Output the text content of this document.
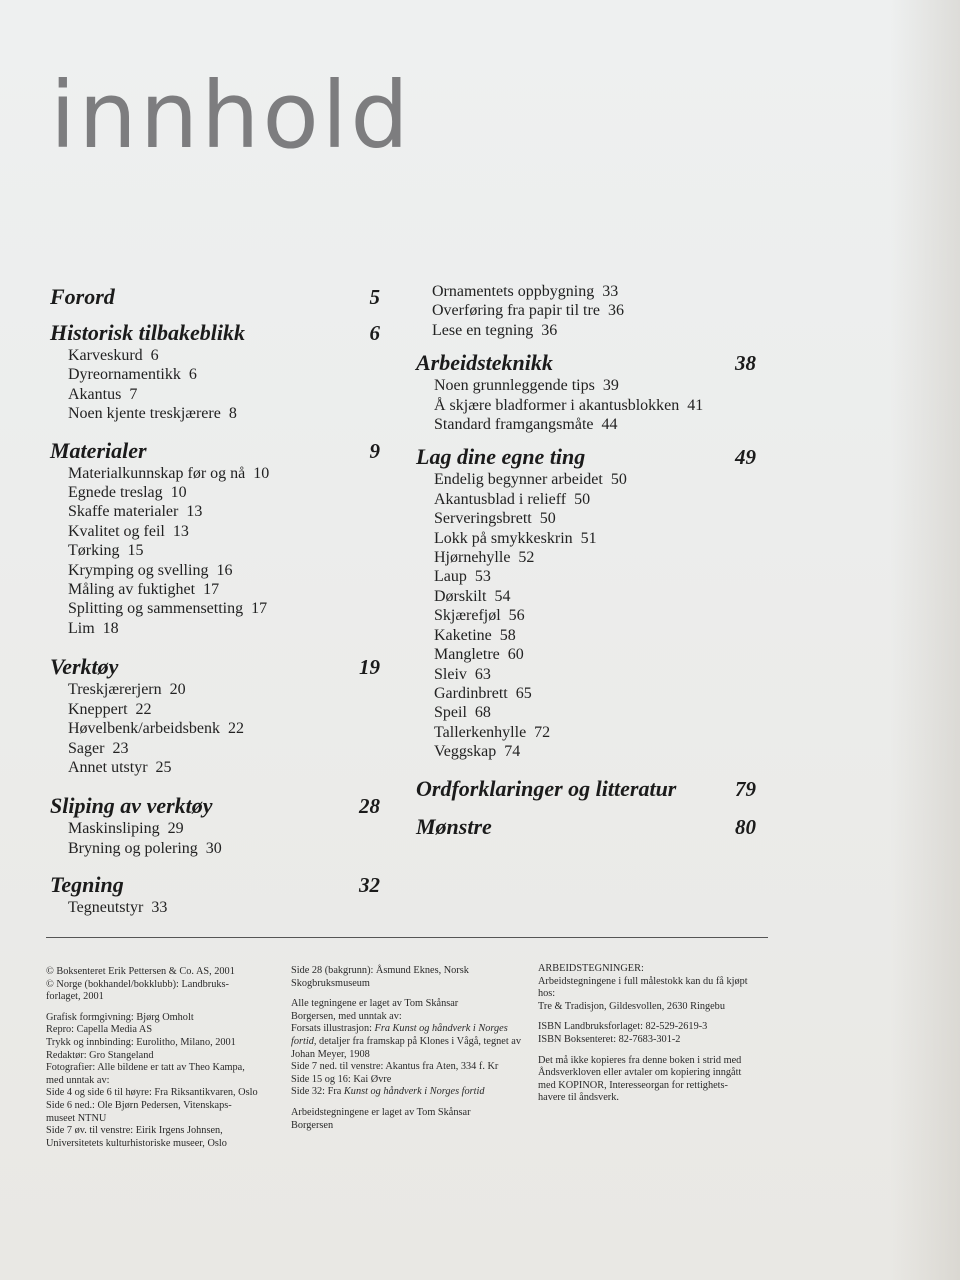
innhold
Forord	5
Historisk tilbakeblikk	6
Karveskurd 6
Dyreornamentikk 6
Akantus 7
Noen kjente treskjærere 8
Materialer	9
Materialkunnskap før og nå 10
Egnede treslag 10
Skaffe materialer 13
Kvalitet og feil 13
Tørking 15
Krymping og svelling 16
Måling av fuktighet 17
Splitting og sammensetting 17
Lim 18
Verktøy	19
Treskjærerjern 20
Kneppert 22
Høvelbenk/arbeidsbenk 22
Sager 23
Annet utstyr 25
Sliping av verktøy	28
Maskinsliping 29
Bryning og polering 30
Tegning	32
Tegneutstyr 33
Ornamentets oppbygning 33
Overføring fra papir til tre 36
Lese en tegning 36
Arbeidsteknikk	38
Noen grunnleggende tips 39
Å skjære bladformer i akantusblokken 41
Standard framgangsmåte 44
Lag dine egne ting	49
Endelig begynner arbeidet 50
Akantusblad i relieff 50
Serveringsbrett 50
Lokk på smykkeskrin 51
Hjørnehylle 52
Laup 53
Dørskilt 54
Skjærefjøl 56
Kaketine 58
Mangletre 60
Sleiv 63
Gardinbrett 65
Speil 68
Tallerkenhylle 72
Veggskap 74
Ordforklaringer og litteratur	79
Mønstre	80

© Boksenteret Erik Pettersen & Co. AS, 2001

© Norge (bokhandel/bokklubb): Landbruks-

forlaget, 2001

Grafisk formgivning: Bjørg Omholt

Repro: Capella Media AS

Trykk og innbinding: Eurolitho, Milano, 2001

Redaktør: Gro Stangeland

Fotografier: Alle bildene er tatt av Theo Kampa,

med unntak av:

Side 4 og side 6 til høyre: Fra Riksantikvaren, Oslo

Side 6 ned.: Ole Bjørn Pedersen, Vitenskaps-

museet NTNU

Side 7 øv. til venstre: Eirik Irgens Johnsen,

Universitetets kulturhistoriske museer, Oslo

Side 28 (bakgrunn): Åsmund Eknes, Norsk

Skogbruksmuseum

Alle tegningene er laget av Tom Skånsar

Borgersen, med unntak av:

Forsats illustrasjon: Fra Kunst og håndverk i Norges fortid, detaljer fra framskap på Klones i Vågå, tegnet av Johan Meyer, 1908

Side 7 ned. til venstre: Akantus fra Aten, 334 f. Kr

Side 15 og 16: Kai Øvre

Side 32: Fra Kunst og håndverk i Norges fortid

Arbeidstegningene er laget av Tom Skånsar

Borgersen

ARBEIDSTEGNINGER:

Arbeidstegningene i full målestokk kan du få kjøpt

hos:

Tre & Tradisjon, Gildesvollen, 2630 Ringebu

ISBN Landbruksforlaget: 82-529-2619-3

ISBN Boksenteret: 82-7683-301-2

Det må ikke kopieres fra denne boken i strid med

Åndsverkloven eller avtaler om kopiering inngått

med KOPINOR, Interesseorgan for rettighets-

havere til åndsverk.
